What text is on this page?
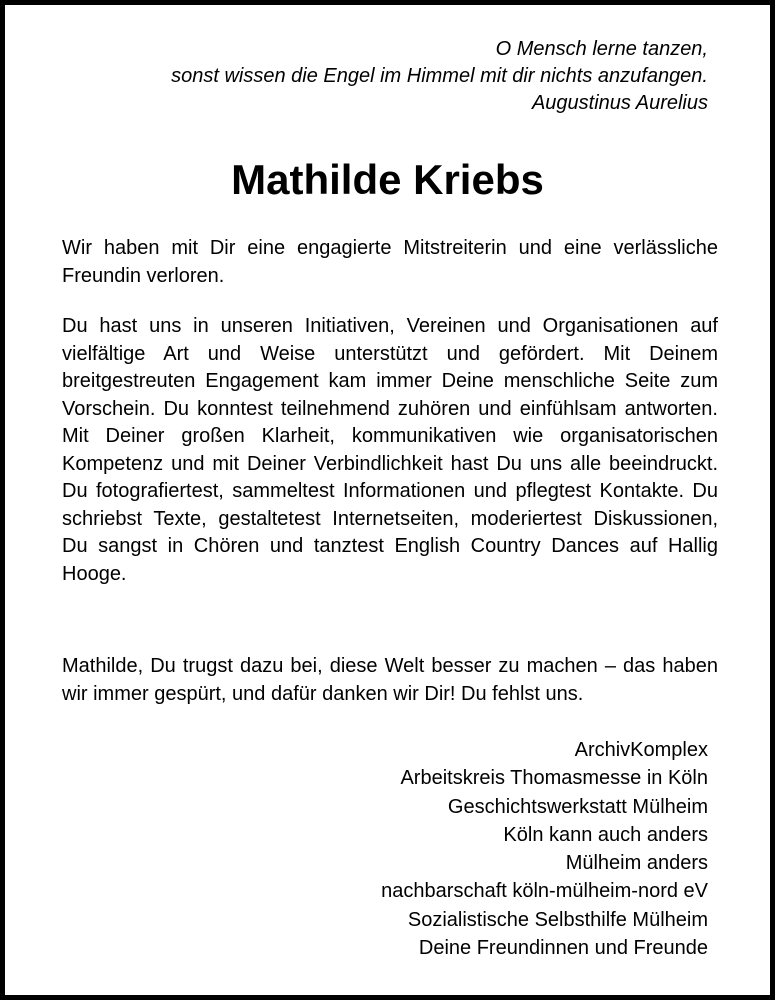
O Mensch lerne tanzen,
sonst wissen die Engel im Himmel mit dir nichts anzufangen.
Augustinus Aurelius
Mathilde Kriebs
Wir haben mit Dir eine engagierte Mitstreiterin und eine verlässliche Freundin verloren.
Du hast uns in unseren Initiativen, Vereinen und Organisationen auf vielfältige Art und Weise unterstützt und gefördert. Mit Deinem breitgestreuten Engagement kam immer Deine menschliche Seite zum Vorschein. Du konntest teilnehmend zuhören und einfühlsam antworten. Mit Deiner großen Klarheit, kommunikativen wie organisatorischen Kompetenz und mit Deiner Verbindlichkeit hast Du uns alle beeindruckt. Du fotografiertest, sammeltest Informationen und pflegtest Kontakte. Du schriebst Texte, gestaltetest Internetseiten, moderiertest Diskussionen, Du sangst in Chören und tanztest English Country Dances auf Hallig Hooge.
Mathilde, Du trugst dazu bei, diese Welt besser zu machen – das haben wir immer gespürt, und dafür danken wir Dir! Du fehlst uns.
ArchivKomplex
Arbeitskreis Thomasmesse in Köln
Geschichtswerkstatt Mülheim
Köln kann auch anders
Mülheim anders
nachbarschaft köln-mülheim-nord eV
Sozialistische Selbsthilfe Mülheim
Deine Freundinnen und Freunde
